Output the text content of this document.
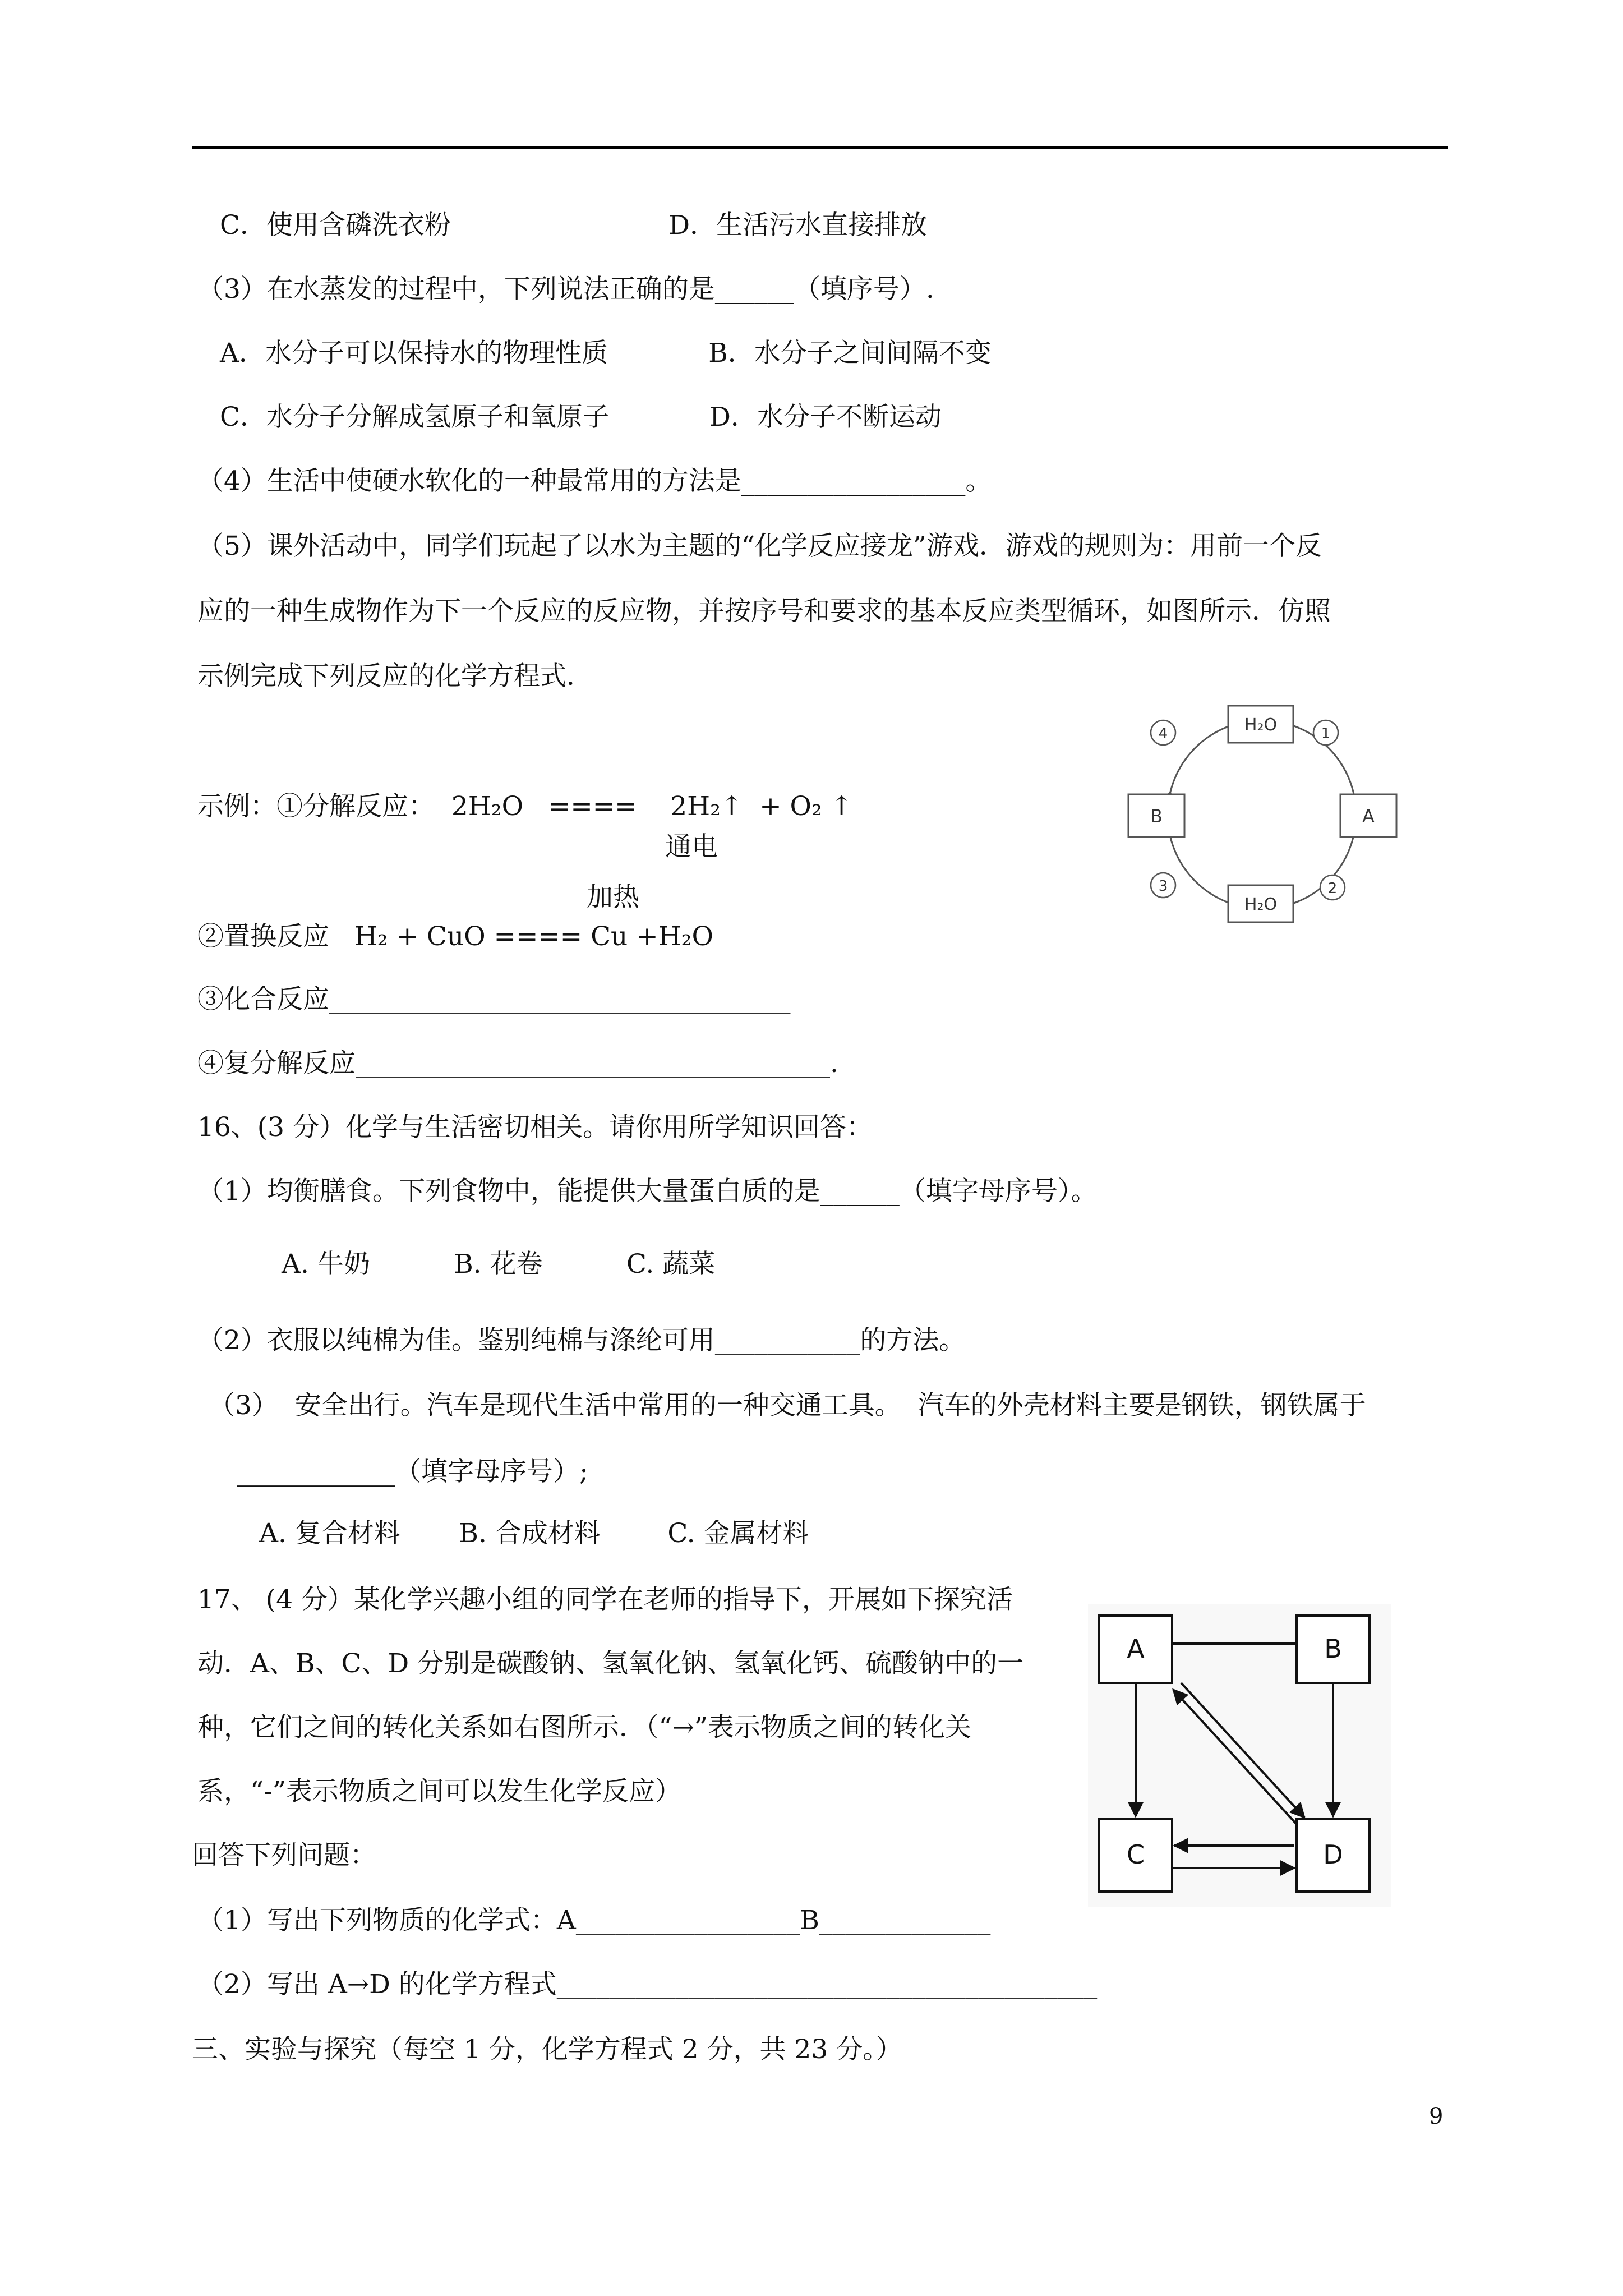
C．使用含磷洗衣粉                          D．生活污水直接排放
（3）在水蒸发的过程中，下列说法正确的是______（填序号）.
A．水分子可以保持水的物理性质            B．水分子之间间隔不变
C．水分子分解成氢原子和氧原子            D．水分子不断运动
（4）生活中使硬水软化的一种最常用的方法是_________________。
（5）课外活动中，同学们玩起了以水为主题的“化学反应接龙”游戏．游戏的规则为：用前一个反
应的一种生成物作为下一个反应的反应物，并按序号和要求的基本反应类型循环，如图所示．仿照
示例完成下列反应的化学方程式．
示例：①分解反应：  2H₂O   ====    2H₂↑  + O₂ ↑
通电
加热
②置换反应   H₂ + CuO ==== Cu +H₂O
③化合反应___________________________________
④复分解反应____________________________________.
H₂O
H₂O
B	A
1
2
3
4
16、(3 分）化学与生活密切相关。请你用所学知识回答：
（1）均衡膳食。下列食物中，能提供大量蛋白质的是______（填字母序号）。
A. 牛奶          B. 花卷          C. 蔬菜
（2）衣服以纯棉为佳。鉴别纯棉与涤纶可用___________的方法。
（3）  安全出行。汽车是现代生活中常用的一种交通工具。  汽车的外壳材料主要是钢铁，钢铁属于
____________（填字母序号）;
A. 复合材料       B. 合成材料        C. 金属材料
17、 (4 分）某化学兴趣小组的同学在老师的指导下，开展如下探究活
动．A、B、C、D 分别是碳酸钠、氢氧化钠、氢氧化钙、硫酸钠中的一
种，它们之间的转化关系如右图所示．（“→”表示物质之间的转化关
系，“-”表示物质之间可以发生化学反应）
回答下列问题：
（1）写出下列物质的化学式：A_________________B_____________
（2）写出 A→D 的化学方程式_________________________________________
A	B
C	D
三、实验与探究（每空 1 分，化学方程式 2 分，共 23 分。）
9
